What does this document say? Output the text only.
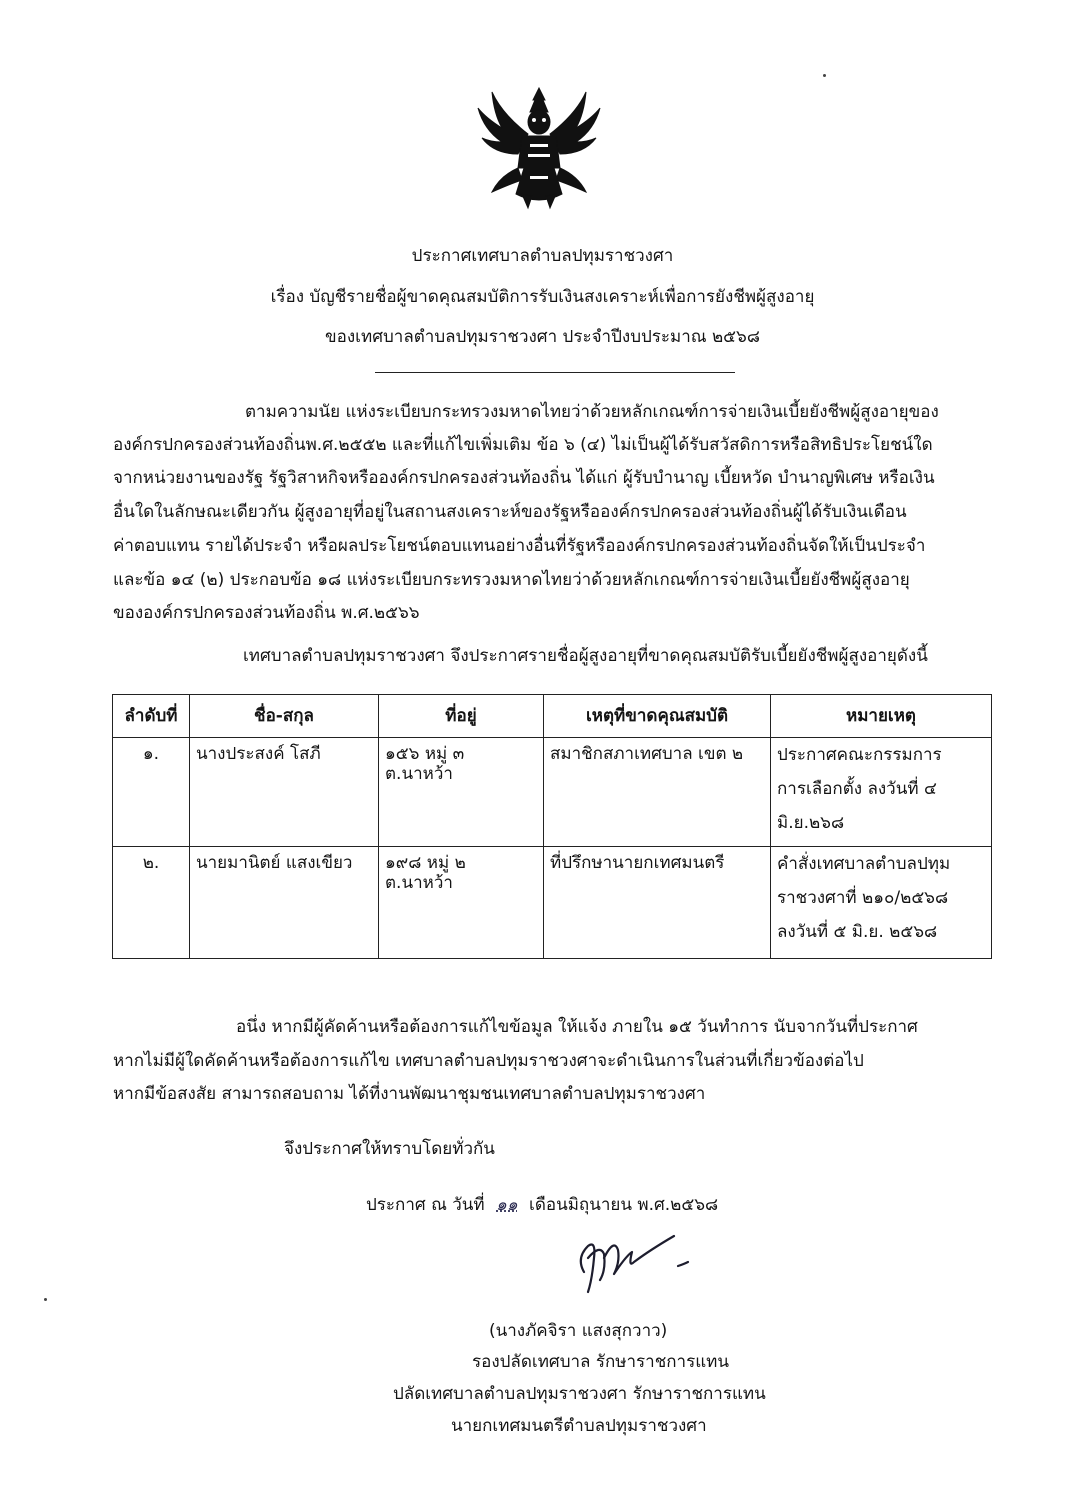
ประกาศเทศบาลตำบลปทุมราชวงศา
เรื่อง บัญชีรายชื่อผู้ขาดคุณสมบัติการรับเงินสงเคราะห์เพื่อการยังชีพผู้สูงอายุ
ของเทศบาลตำบลปทุมราชวงศา ประจำปีงบประมาณ ๒๕๖๘
ตามความนัย แห่งระเบียบกระทรวงมหาดไทยว่าด้วยหลักเกณฑ์การจ่ายเงินเบี้ยยังชีพผู้สูงอายุของ
องค์กรปกครองส่วนท้องถิ่นพ.ศ.๒๕๕๒ และที่แก้ไขเพิ่มเติม ข้อ ๖ (๔) ไม่เป็นผู้ได้รับสวัสดิการหรือสิทธิประโยชน์ใด
จากหน่วยงานของรัฐ รัฐวิสาหกิจหรือองค์กรปกครองส่วนท้องถิ่น ได้แก่ ผู้รับบำนาญ เบี้ยหวัด บำนาญพิเศษ หรือเงิน
อื่นใดในลักษณะเดียวกัน ผู้สูงอายุที่อยู่ในสถานสงเคราะห์ของรัฐหรือองค์กรปกครองส่วนท้องถิ่นผู้ได้รับเงินเดือน
ค่าตอบแทน รายได้ประจำ หรือผลประโยชน์ตอบแทนอย่างอื่นที่รัฐหรือองค์กรปกครองส่วนท้องถิ่นจัดให้เป็นประจำ
และข้อ ๑๔ (๒) ประกอบข้อ ๑๘ แห่งระเบียบกระทรวงมหาดไทยว่าด้วยหลักเกณฑ์การจ่ายเงินเบี้ยยังชีพผู้สูงอายุ
ขององค์กรปกครองส่วนท้องถิ่น พ.ศ.๒๕๖๖
เทศบาลตำบลปทุมราชวงศา จึงประกาศรายชื่อผู้สูงอายุที่ขาดคุณสมบัติรับเบี้ยยังชีพผู้สูงอายุดังนี้
ลำดับที่	ชื่อ-สกุล	ที่อยู่	เหตุที่ขาดคุณสมบัติ	หมายเหตุ
๑.	นางประสงค์ โสภี	๑๕๖ หมู่ ๓ ต.นาหว้า	สมาชิกสภาเทศบาล เขต ๒	ประกาศคณะกรรมการ
การเลือกตั้ง ลงวันที่ ๔
มิ.ย.๒๖๘

๒.	นายมานิตย์ แสงเขียว	๑๙๘ หมู่ ๒ ต.นาหว้า	ที่ปรึกษานายกเทศมนตรี	คำสั่งเทศบาลตำบลปทุม
ราชวงศาที่ ๒๑๐/๒๕๖๘
ลงวันที่ ๕ มิ.ย. ๒๕๖๘
อนึ่ง หากมีผู้คัดค้านหรือต้องการแก้ไขข้อมูล ให้แจ้ง ภายใน ๑๕ วันทำการ นับจากวันที่ประกาศ
หากไม่มีผู้ใดคัดค้านหรือต้องการแก้ไข เทศบาลตำบลปทุมราชวงศาจะดำเนินการในส่วนที่เกี่ยวข้องต่อไป
หากมีข้อสงสัย สามารถสอบถาม ได้ที่งานพัฒนาชุมชนเทศบาลตำบลปทุมราชวงศา
จึงประกาศให้ทราบโดยทั่วกัน
ประกาศ ณ วันที่ ๑๑ เดือนมิถุนายน พ.ศ.๒๕๖๘
(นางภัคจิรา แสงสุกวาว)
รองปลัดเทศบาล รักษาราชการแทน
ปลัดเทศบาลตำบลปทุมราชวงศา รักษาราชการแทน
นายกเทศมนตรีตำบลปทุมราชวงศา
